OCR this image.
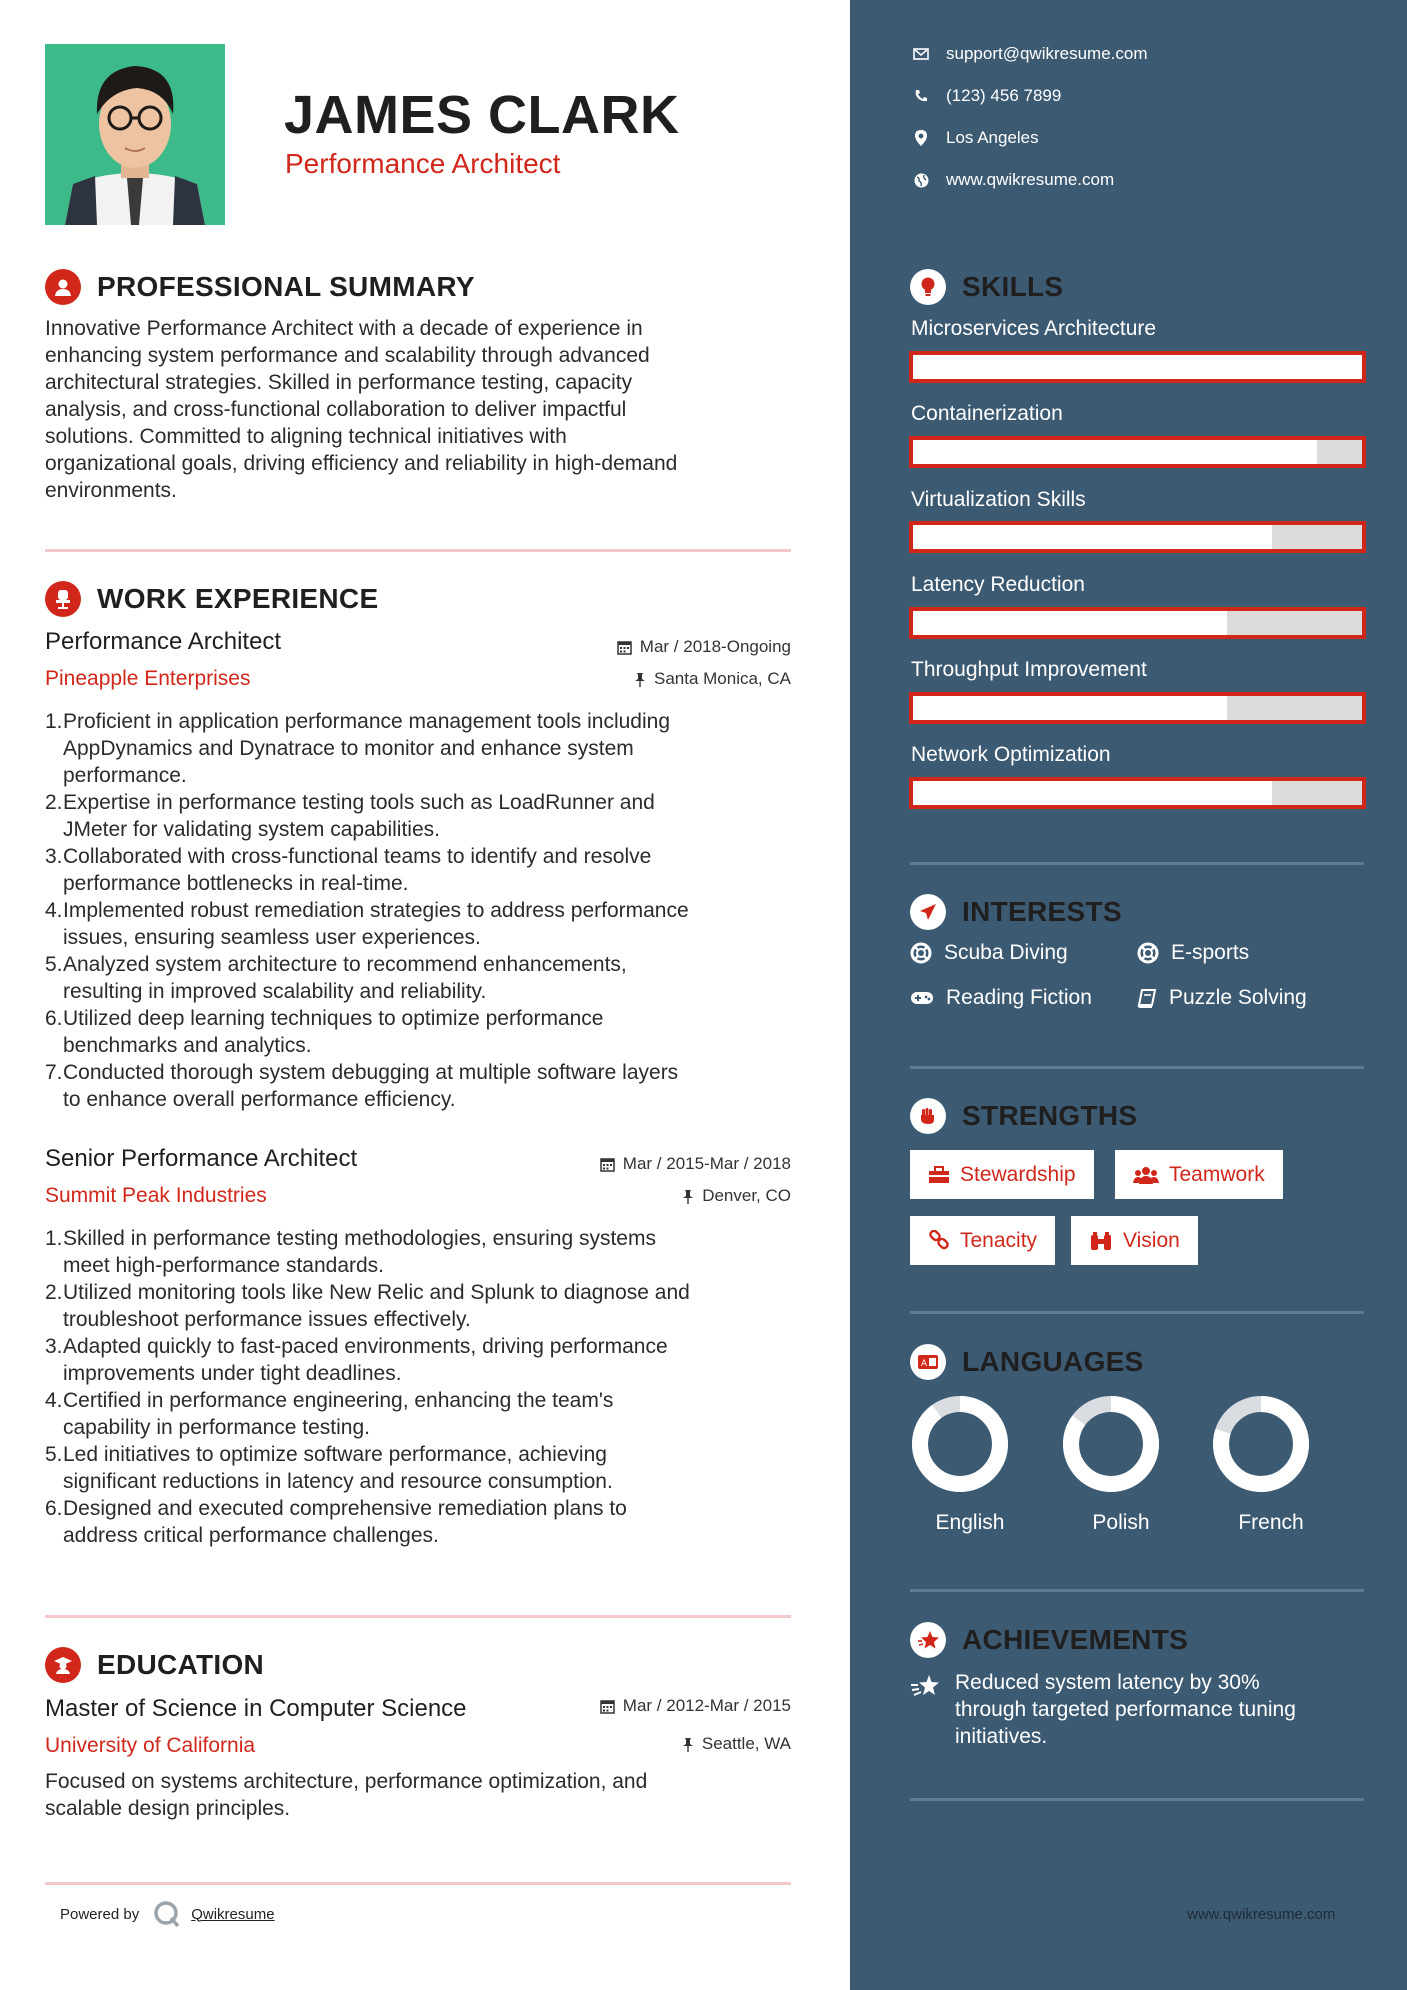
JAMES CLARK
Performance Architect
support@qwikresume.com
(123) 456 7899
Los Angeles
www.qwikresume.com
PROFESSIONAL SUMMARY
Innovative Performance Architect with a decade of experience in
enhancing system performance and scalability through advanced
architectural strategies. Skilled in performance testing, capacity
analysis, and cross-functional collaboration to deliver impactful
solutions. Committed to aligning technical initiatives with
organizational goals, driving efficiency and reliability in high-demand
environments.
WORK EXPERIENCE
Performance Architect
Pineapple Enterprises
Mar / 2018-Ongoing
Santa Monica, CA
1. Proficient in application performance management tools including
AppDynamics and Dynatrace to monitor and enhance system
performance.
2. Expertise in performance testing tools such as LoadRunner and
JMeter for validating system capabilities.
3. Collaborated with cross-functional teams to identify and resolve
performance bottlenecks in real-time.
4. Implemented robust remediation strategies to address performance
issues, ensuring seamless user experiences.
5. Analyzed system architecture to recommend enhancements,
resulting in improved scalability and reliability.
6. Utilized deep learning techniques to optimize performance
benchmarks and analytics.
7. Conducted thorough system debugging at multiple software layers
to enhance overall performance efficiency.
Senior Performance Architect
Summit Peak Industries
Mar / 2015-Mar / 2018
Denver, CO
1. Skilled in performance testing methodologies, ensuring systems
meet high-performance standards.
2. Utilized monitoring tools like New Relic and Splunk to diagnose and
troubleshoot performance issues effectively.
3. Adapted quickly to fast-paced environments, driving performance
improvements under tight deadlines.
4. Certified in performance engineering, enhancing the team's
capability in performance testing.
5. Led initiatives to optimize software performance, achieving
significant reductions in latency and resource consumption.
6. Designed and executed comprehensive remediation plans to
address critical performance challenges.
EDUCATION
Master of Science in Computer Science
University of California
Mar / 2012-Mar / 2015
Seattle, WA
Focused on systems architecture, performance optimization, and
scalable design principles.
Powered by	Qwikresume	www.qwikresume.com
SKILLS
Microservices Architecture
Containerization
Virtualization Skills
Latency Reduction
Throughput Improvement
Network Optimization
INTERESTS
Scuba Diving	E-sports
Reading Fiction	Puzzle Solving
STRENGTHS
Stewardship	Teamwork
Tenacity	Vision
A LANGUAGES
English	Polish	French
ACHIEVEMENTS
Reduced system latency by 30%
through targeted performance tuning
initiatives.
